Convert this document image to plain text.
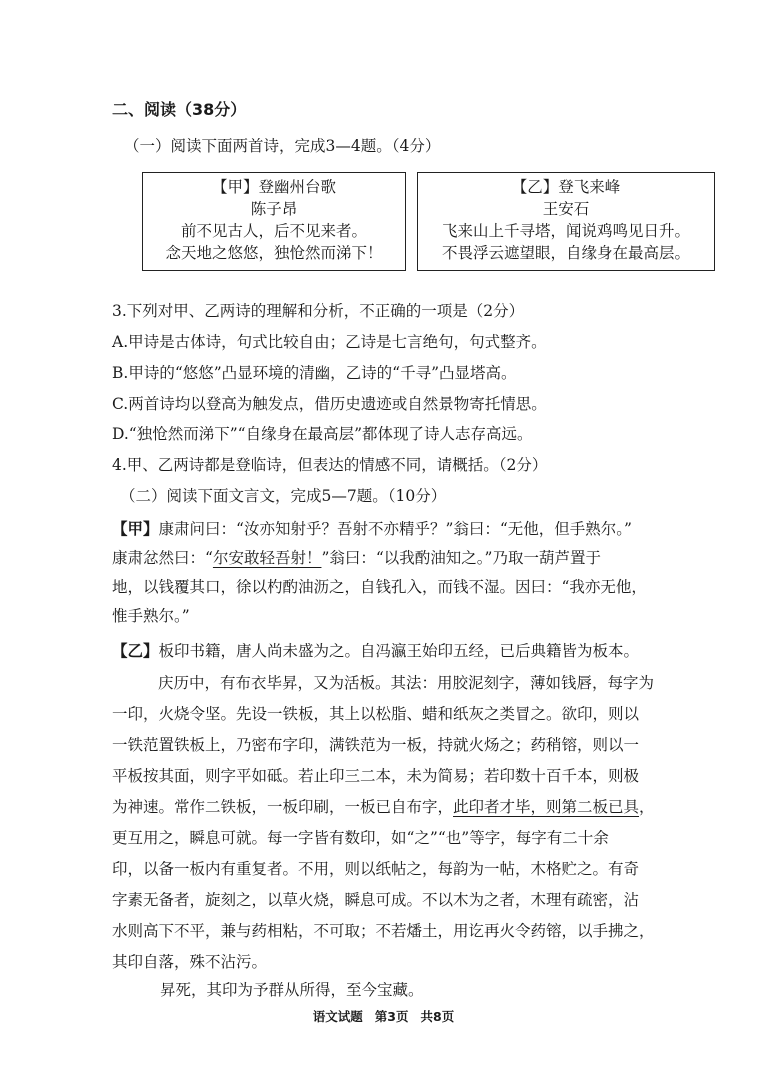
二、阅读（38分）
（一）阅读下面两首诗，完成3—4题。（4分）
【甲】登幽州台歌
陈子昂
前不见古人，后不见来者。
念天地之悠悠，独怆然而涕下！
【乙】登飞来峰
王安石
飞来山上千寻塔，闻说鸡鸣见日升。
不畏浮云遮望眼，自缘身在最高层。
3.下列对甲、乙两诗的理解和分析，不正确的一项是（2分）
A.甲诗是古体诗，句式比较自由；乙诗是七言绝句，句式整齐。
B.甲诗的“悠悠”凸显环境的清幽，乙诗的“千寻”凸显塔高。
C.两首诗均以登高为触发点，借历史遗迹或自然景物寄托情思。
D.“独怆然而涕下”“自缘身在最高层”都体现了诗人志存高远。
4.甲、乙两诗都是登临诗，但表达的情感不同，请概括。（2分）
（二）阅读下面文言文，完成5—7题。（10分）
【甲】康肃问曰：“汝亦知射乎？吾射不亦精乎？”翁曰：“无他，但手熟尔。”
康肃忿然曰：“尔安敢轻吾射！”翁曰：“以我酌油知之。”乃取一葫芦置于
地，以钱覆其口，徐以杓酌油沥之，自钱孔入，而钱不湿。因曰：“我亦无他，
惟手熟尔。”
【乙】板印书籍，唐人尚未盛为之。自冯瀛王始印五经，已后典籍皆为板本。
庆历中，有布衣毕昇，又为活板。其法：用胶泥刻字，薄如钱唇，每字为
一印，火烧令坚。先设一铁板，其上以松脂、蜡和纸灰之类冒之。欲印，则以
一铁范置铁板上，乃密布字印，满铁范为一板，持就火炀之；药稍镕，则以一
平板按其面，则字平如砥。若止印三二本，未为简易；若印数十百千本，则极
为神速。常作二铁板，一板印刷，一板已自布字，此印者才毕，则第二板已具，
更互用之，瞬息可就。每一字皆有数印，如“之”“也”等字，每字有二十余
印，以备一板内有重复者。不用，则以纸帖之，每韵为一帖，木格贮之。有奇
字素无备者，旋刻之，以草火烧，瞬息可成。不以木为之者，木理有疏密，沾
水则高下不平，兼与药相粘，不可取；不若燔土，用讫再火令药镕，以手拂之，
其印自落，殊不沾污。
昇死，其印为予群从所得，至今宝藏。
语文试题 第3页 共8页
